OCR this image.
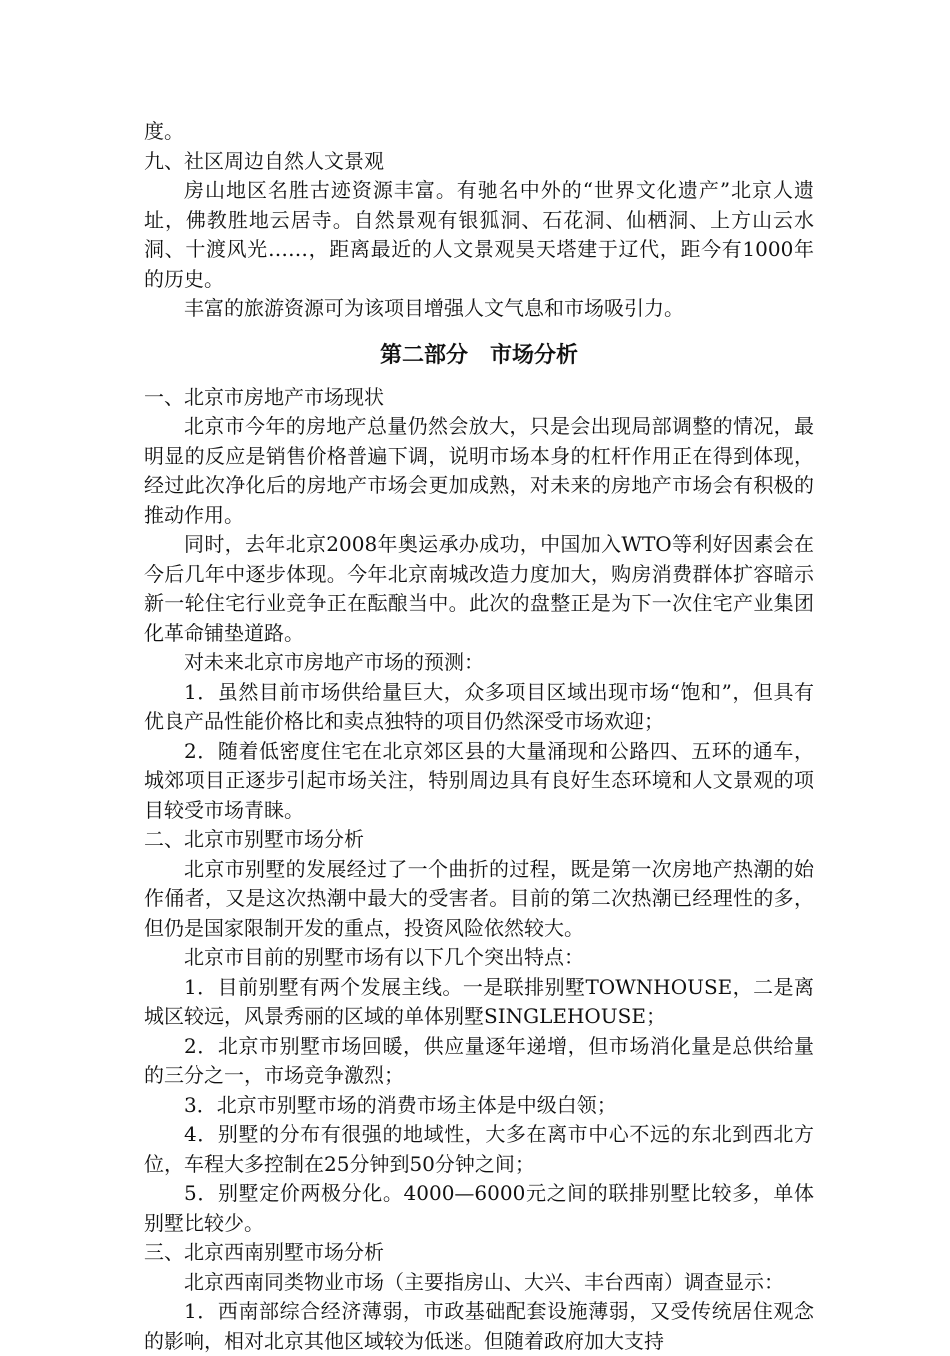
度。

九、社区周边自然人文景观

房山地区名胜古迹资源丰富。有驰名中外的“世界文化遗产”北京人遗址，佛教胜地云居寺。自然景观有银狐洞、石花洞、仙栖洞、上方山云水洞、十渡风光……，距离最近的人文景观昊天塔建于辽代，距今有1000年的历史。

丰富的旅游资源可为该项目增强人文气息和市场吸引力。

第二部分　市场分析

一、北京市房地产市场现状

北京市今年的房地产总量仍然会放大，只是会出现局部调整的情况，最明显的反应是销售价格普遍下调，说明市场本身的杠杆作用正在得到体现，经过此次净化后的房地产市场会更加成熟，对未来的房地产市场会有积极的推动作用。

同时，去年北京2008年奥运承办成功，中国加入WTO等利好因素会在今后几年中逐步体现。今年北京南城改造力度加大，购房消费群体扩容暗示新一轮住宅行业竞争正在酝酿当中。此次的盘整正是为下一次住宅产业集团化革命铺垫道路。

对未来北京市房地产市场的预测：

1．虽然目前市场供给量巨大，众多项目区域出现市场“饱和”，但具有优良产品性能价格比和卖点独特的项目仍然深受市场欢迎；

2．随着低密度住宅在北京郊区县的大量涌现和公路四、五环的通车，城郊项目正逐步引起市场关注，特别周边具有良好生态环境和人文景观的项目较受市场青睐。

二、北京市别墅市场分析

北京市别墅的发展经过了一个曲折的过程，既是第一次房地产热潮的始作俑者，又是这次热潮中最大的受害者。目前的第二次热潮已经理性的多，但仍是国家限制开发的重点，投资风险依然较大。

北京市目前的别墅市场有以下几个突出特点：

1．目前别墅有两个发展主线。一是联排别墅TOWNHOUSE，二是离城区较远，风景秀丽的区域的单体别墅SINGLEHOUSE；

2．北京市别墅市场回暖，供应量逐年递增，但市场消化量是总供给量的三分之一，市场竞争激烈；

3．北京市别墅市场的消费市场主体是中级白领；

4．别墅的分布有很强的地域性，大多在离市中心不远的东北到西北方位，车程大多控制在25分钟到50分钟之间；

5．别墅定价两极分化。4000—6000元之间的联排别墅比较多，单体别墅比较少。

三、北京西南别墅市场分析

北京西南同类物业市场（主要指房山、大兴、丰台西南）调查显示：

1．西南部综合经济薄弱，市政基础配套设施薄弱，又受传统居住观念的影响，相对北京其他区域较为低迷。但随着政府加大支持
